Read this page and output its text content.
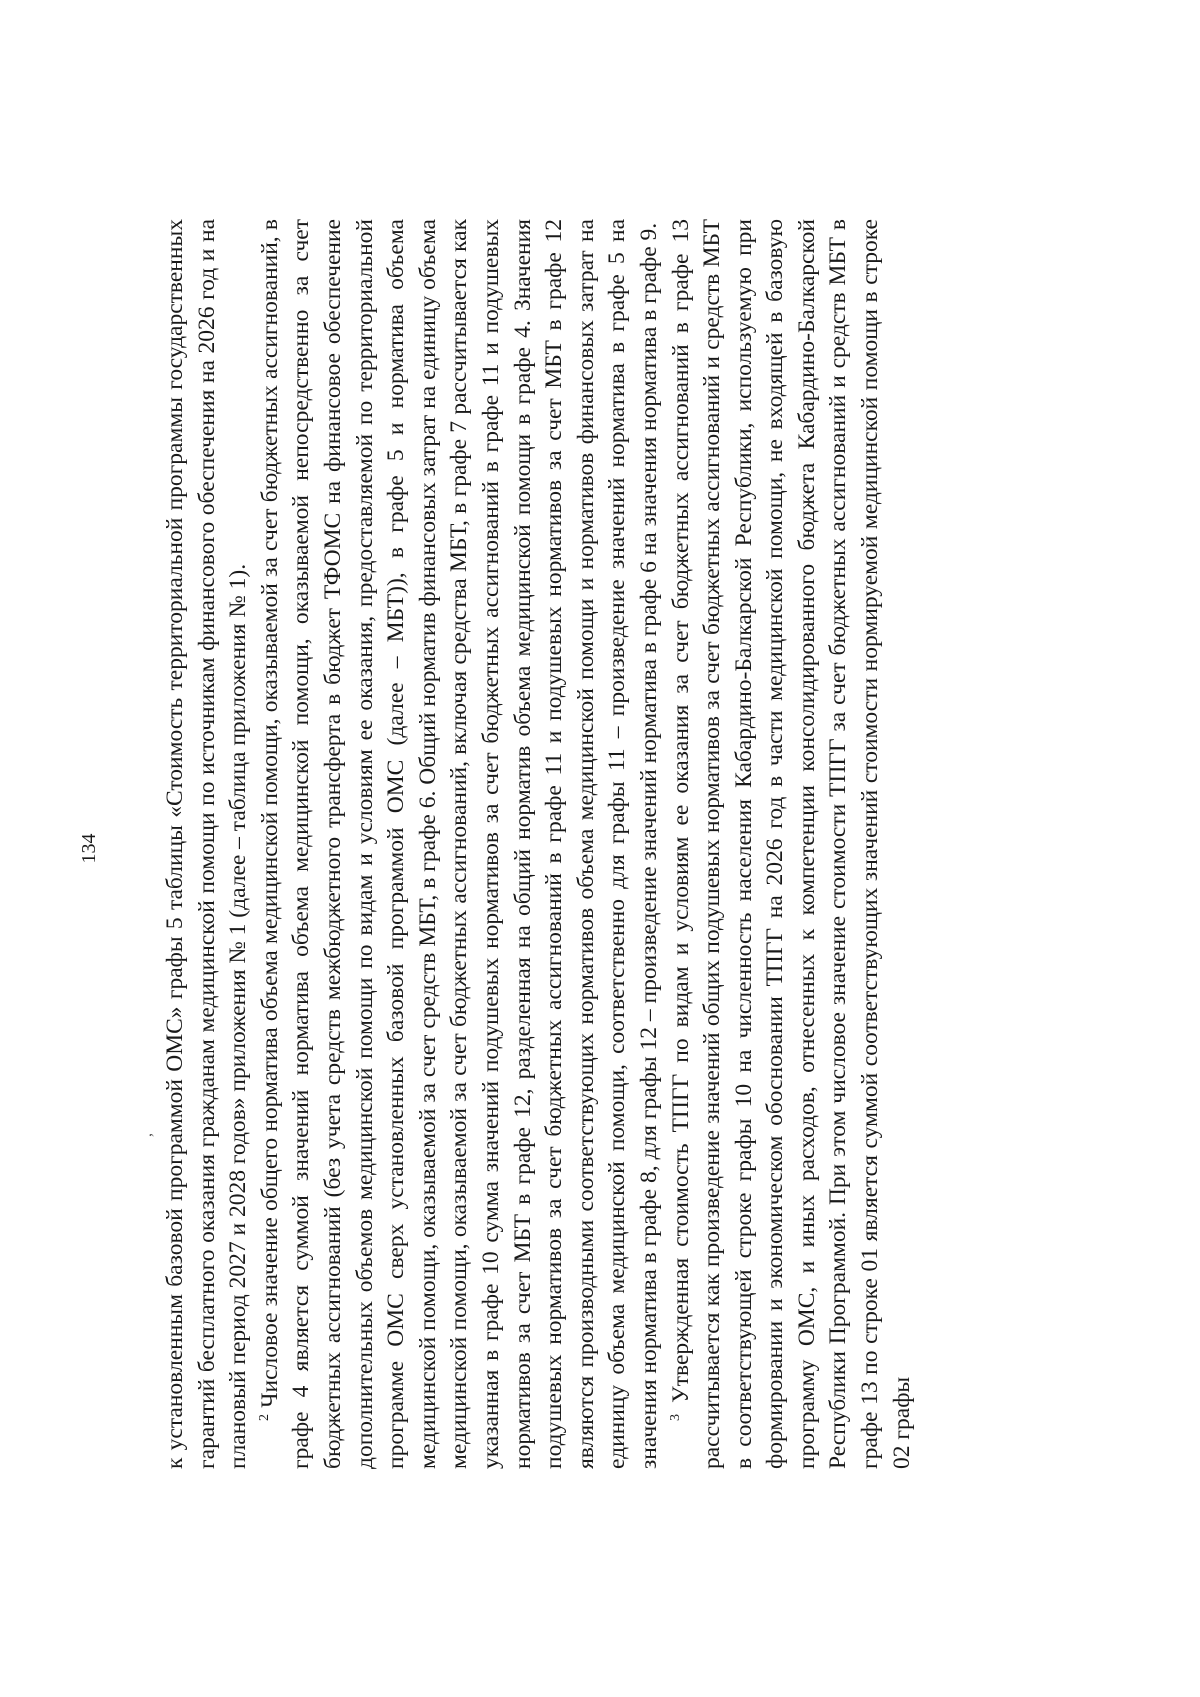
134
, к установленным базовой программой ОМС» графы 5 таблицы «Стоимость территориальной программы государственных гарантий бесплатного оказания гражданам медицинской помощи по источникам финансового обеспечения на 2026 год и на плановый период 2027 и 2028 годов» приложения № 1 (далее – таблица приложения № 1). $^2$ Числовое значение общего норматива объема медицинской помощи, оказываемой за счет бюджетных ассигнований, в графе 4 является суммой значений норматива объема медицинской помощи, оказываемой непосредственно за счет бюджетных ассигнований (без учета средств межбюджетного трансферта в бюджет ТФОМС на финансовое обеспечение дополнительных объемов медицинской помощи по видам и условиям ее оказания, предоставляемой по территориальной программе ОМС сверх установленных базовой программой ОМС (далее – МБТ)), в графе 5 и норматива объема медицинской помощи, оказываемой за счет средств МБТ, в графе 6. Общий норматив финансовых затрат на единицу объема медицинской помощи, оказываемой за счет бюджетных ассигнований, включая средства МБТ, в графе 7 рассчитывается как указанная в графе 10 сумма значений подушевых нормативов за счет бюджетных ассигнований в графе 11 и подушевых нормативов за счет МБТ в графе 12, разделенная на общий норматив объема медицинской помощи в графе 4. Значения подушевых нормативов за счет бюджетных ассигнований в графе 11 и подушевых нормативов за счет МБТ в графе 12 являются производными соответствующих нормативов объема медицинской помощи и нормативов финансовых затрат на единицу объема медицинской помощи, соответственно для графы 11 – произведение значений норматива в графе 5 на значения норматива в графе 8, для графы 12 – произведение значений норматива в графе 6 на значения норматива в графе 9. $^3$ Утвержденная стоимость ТПГГ по видам и условиям ее оказания за счет бюджетных ассигнований в графе 13 рассчитывается как произведение значений общих подушевых нормативов за счет бюджетных ассигнований и средств МБТ в соответствующей строке графы 10 на численность населения Кабардино-Балкарской Республики, используемую при формировании и экономическом обосновании ТПГГ на 2026 год в части медицинской помощи, не входящей в базовую программу ОМС, и иных расходов, отнесенных к компетенции консолидированного бюджета Кабардино-Балкарской Республики Программой. При этом числовое значение стоимости ТПГГ за счет бюджетных ассигнований и средств МБТ в графе 13 по строке 01 является суммой соответствующих значений стоимости нормируемой медицинской помощи в строке 02 графы
